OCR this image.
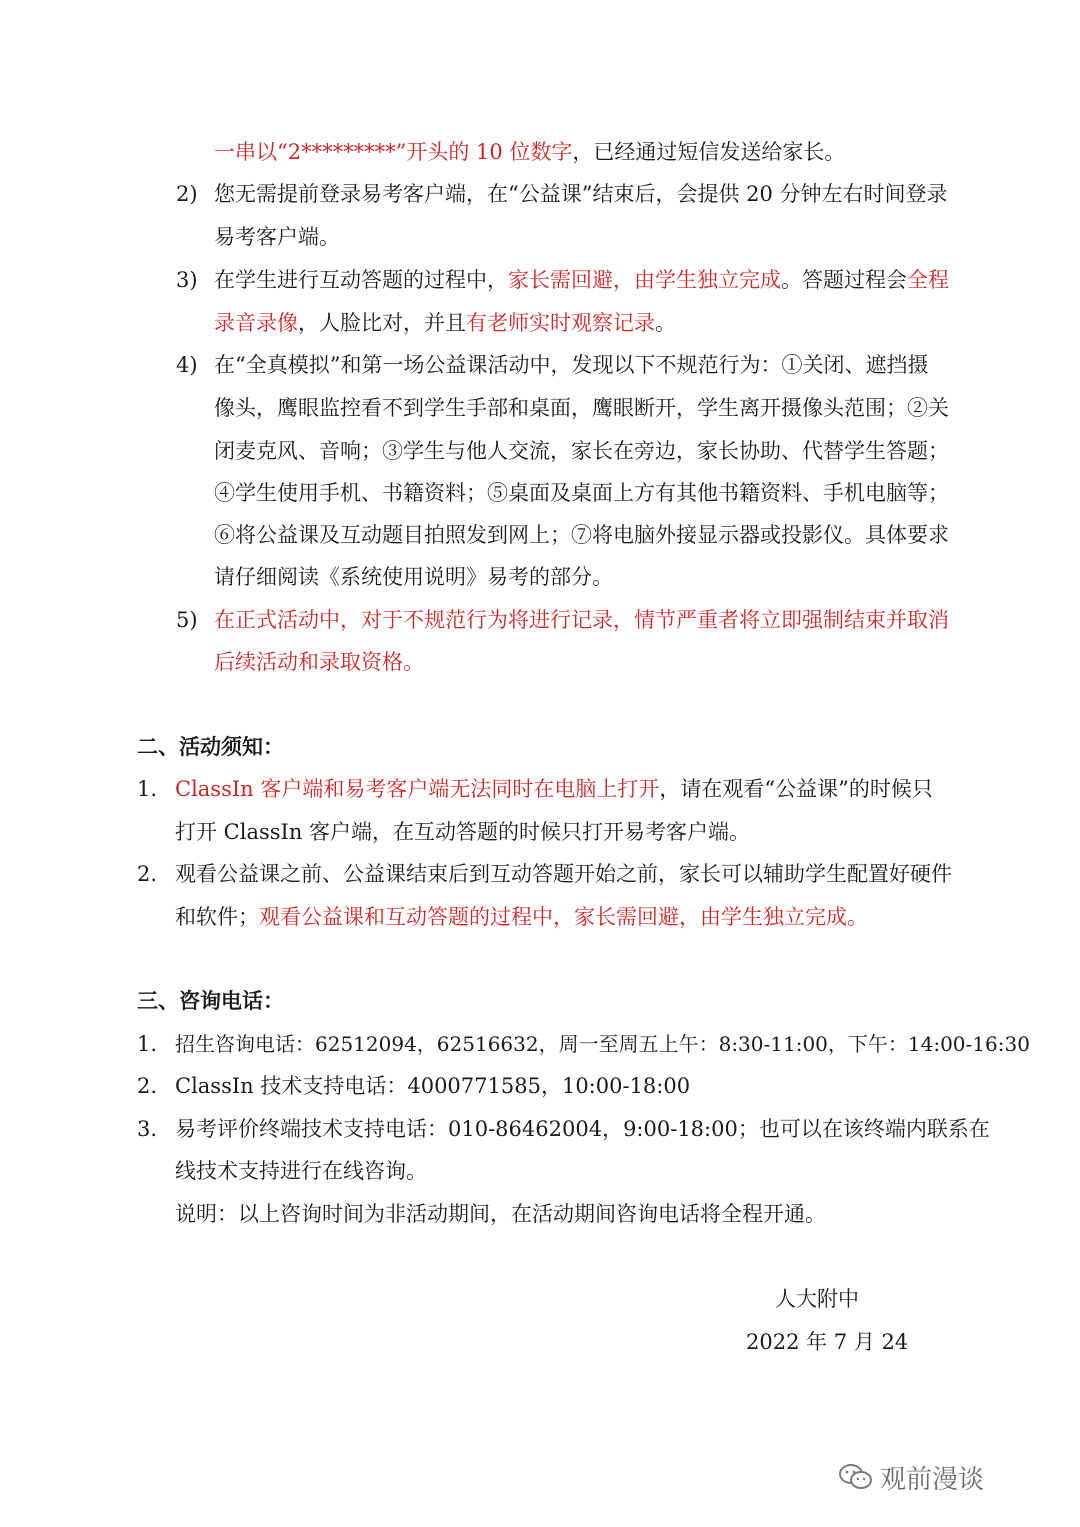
一串以“2*********”开头的 10 位数字，已经通过短信发送给家长。
2) 您无需提前登录易考客户端，在“公益课”结束后，会提供 20 分钟左右时间登录
易考客户端。
3) 在学生进行互动答题的过程中，家长需回避，由学生独立完成。答题过程会全程
录音录像，人脸比对，并且有老师实时观察记录。
4) 在“全真模拟”和第一场公益课活动中，发现以下不规范行为：①关闭、遮挡摄
像头，鹰眼监控看不到学生手部和桌面，鹰眼断开，学生离开摄像头范围；②关
闭麦克风、音响；③学生与他人交流，家长在旁边，家长协助、代替学生答题；
④学生使用手机、书籍资料；⑤桌面及桌面上方有其他书籍资料、手机电脑等；
⑥将公益课及互动题目拍照发到网上；⑦将电脑外接显示器或投影仪。具体要求
请仔细阅读《系统使用说明》易考的部分。
5) 在正式活动中，对于不规范行为将进行记录，情节严重者将立即强制结束并取消
后续活动和录取资格。
二、活动须知：
1. ClassIn 客户端和易考客户端无法同时在电脑上打开，请在观看“公益课”的时候只
打开 ClassIn 客户端，在互动答题的时候只打开易考客户端。
2. 观看公益课之前、公益课结束后到互动答题开始之前，家长可以辅助学生配置好硬件
和软件；观看公益课和互动答题的过程中，家长需回避，由学生独立完成。
三、咨询电话：
1. 招生咨询电话：62512094，62516632，周一至周五上午：8:30-11:00，下午：14:00-16:30
2. ClassIn 技术支持电话：4000771585，10:00-18:00
3. 易考评价终端技术支持电话：010-86462004，9:00-18:00；也可以在该终端内联系在
线技术支持进行在线咨询。
说明：以上咨询时间为非活动期间，在活动期间咨询电话将全程开通。
人大附中
2022 年 7 月 24
观前漫谈
